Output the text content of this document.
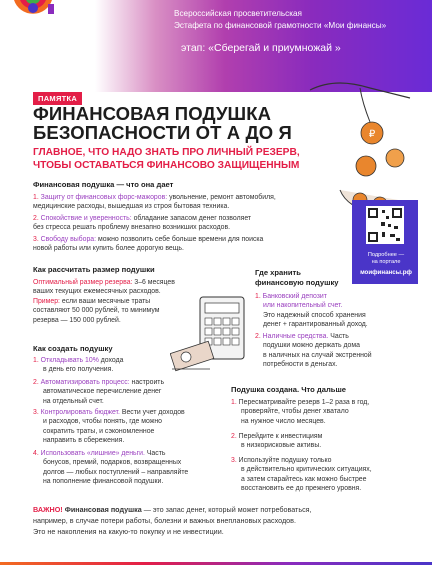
Всероссийская просветительская
Эстафета по финансовой грамотности «Мои финансы»
этап: «Сберегай и приумножай »
₽
ПАМЯТКА
ФИНАНСОВАЯ ПОДУШКА
БЕЗОПАСНОСТИ ОТ А ДО Я
ГЛАВНОЕ, ЧТО НАДО ЗНАТЬ ПРО ЛИЧНЫЙ РЕЗЕРВ,
ЧТОБЫ ОСТАВАТЬСЯ ФИНАНСОВО ЗАЩИЩЕННЫМ
Финансовая подушка — что она дает
1. Защиту от финансовых форс-мажоров: увольнение, ремонт автомобиля,
медицинские расходы, вышедшая из строя бытовая техника.
2. Спокойствие и уверенность: обладание запасом денег позволяет
без стресса решать проблему внезапно возникших расходов.
3. Свободу выбора: можно позволить себе больше времени для поиска
новой работы или купить более дорогую вещь.
Подробнее —
на портале
моифинансы.рф
Как рассчитать размер подушки
Оптимальный размер резерва: 3–6 месяцев
ваших текущих ежемесячных расходов.
Пример: если ваши месячные траты
составляют 50 000 рублей, то минимум
резерва — 150 000 рублей.
Где хранить
финансовую подушку
1. Банковский депозит
или накопительный счет.
Это надежный способ хранения
денег + гарантированный доход.
2. Наличные средства. Часть
подушки можно держать дома
в наличных на случай экстренной
потребности в деньгах.
Как создать подушку
1. Откладывать 10% дохода
в день его получения.
2. Автоматизировать процесс: настроить
автоматическое перечисление денег
на отдельный счет.
3. Контролировать бюджет. Вести учет доходов
и расходов, чтобы понять, где можно
сократить траты, и сэкономленное
направить в сбережения.
4. Использовать «лишние» деньги. Часть
бонусов, премий, подарков, возвращенных
долгов — любых поступлений – направляйте
на пополнение финансовой подушки.
Подушка создана. Что дальше
1. Пересматривайте резерв 1–2 раза в год,
проверяйте, чтобы денег хватало
на нужное число месяцев.
2. Перейдите к инвестициям
в низкорисковые активы.
3. Используйте подушку только
в действительно критических ситуациях,
а затем старайтесь как можно быстрее
восстановить ее до прежнего уровня.
ВАЖНО! Финансовая подушка — это запас денег, который может потребоваться,
например, в случае потери работы, болезни и важных внеплановых расходов.
Это не накопления на какую-то покупку и не инвестиции.
